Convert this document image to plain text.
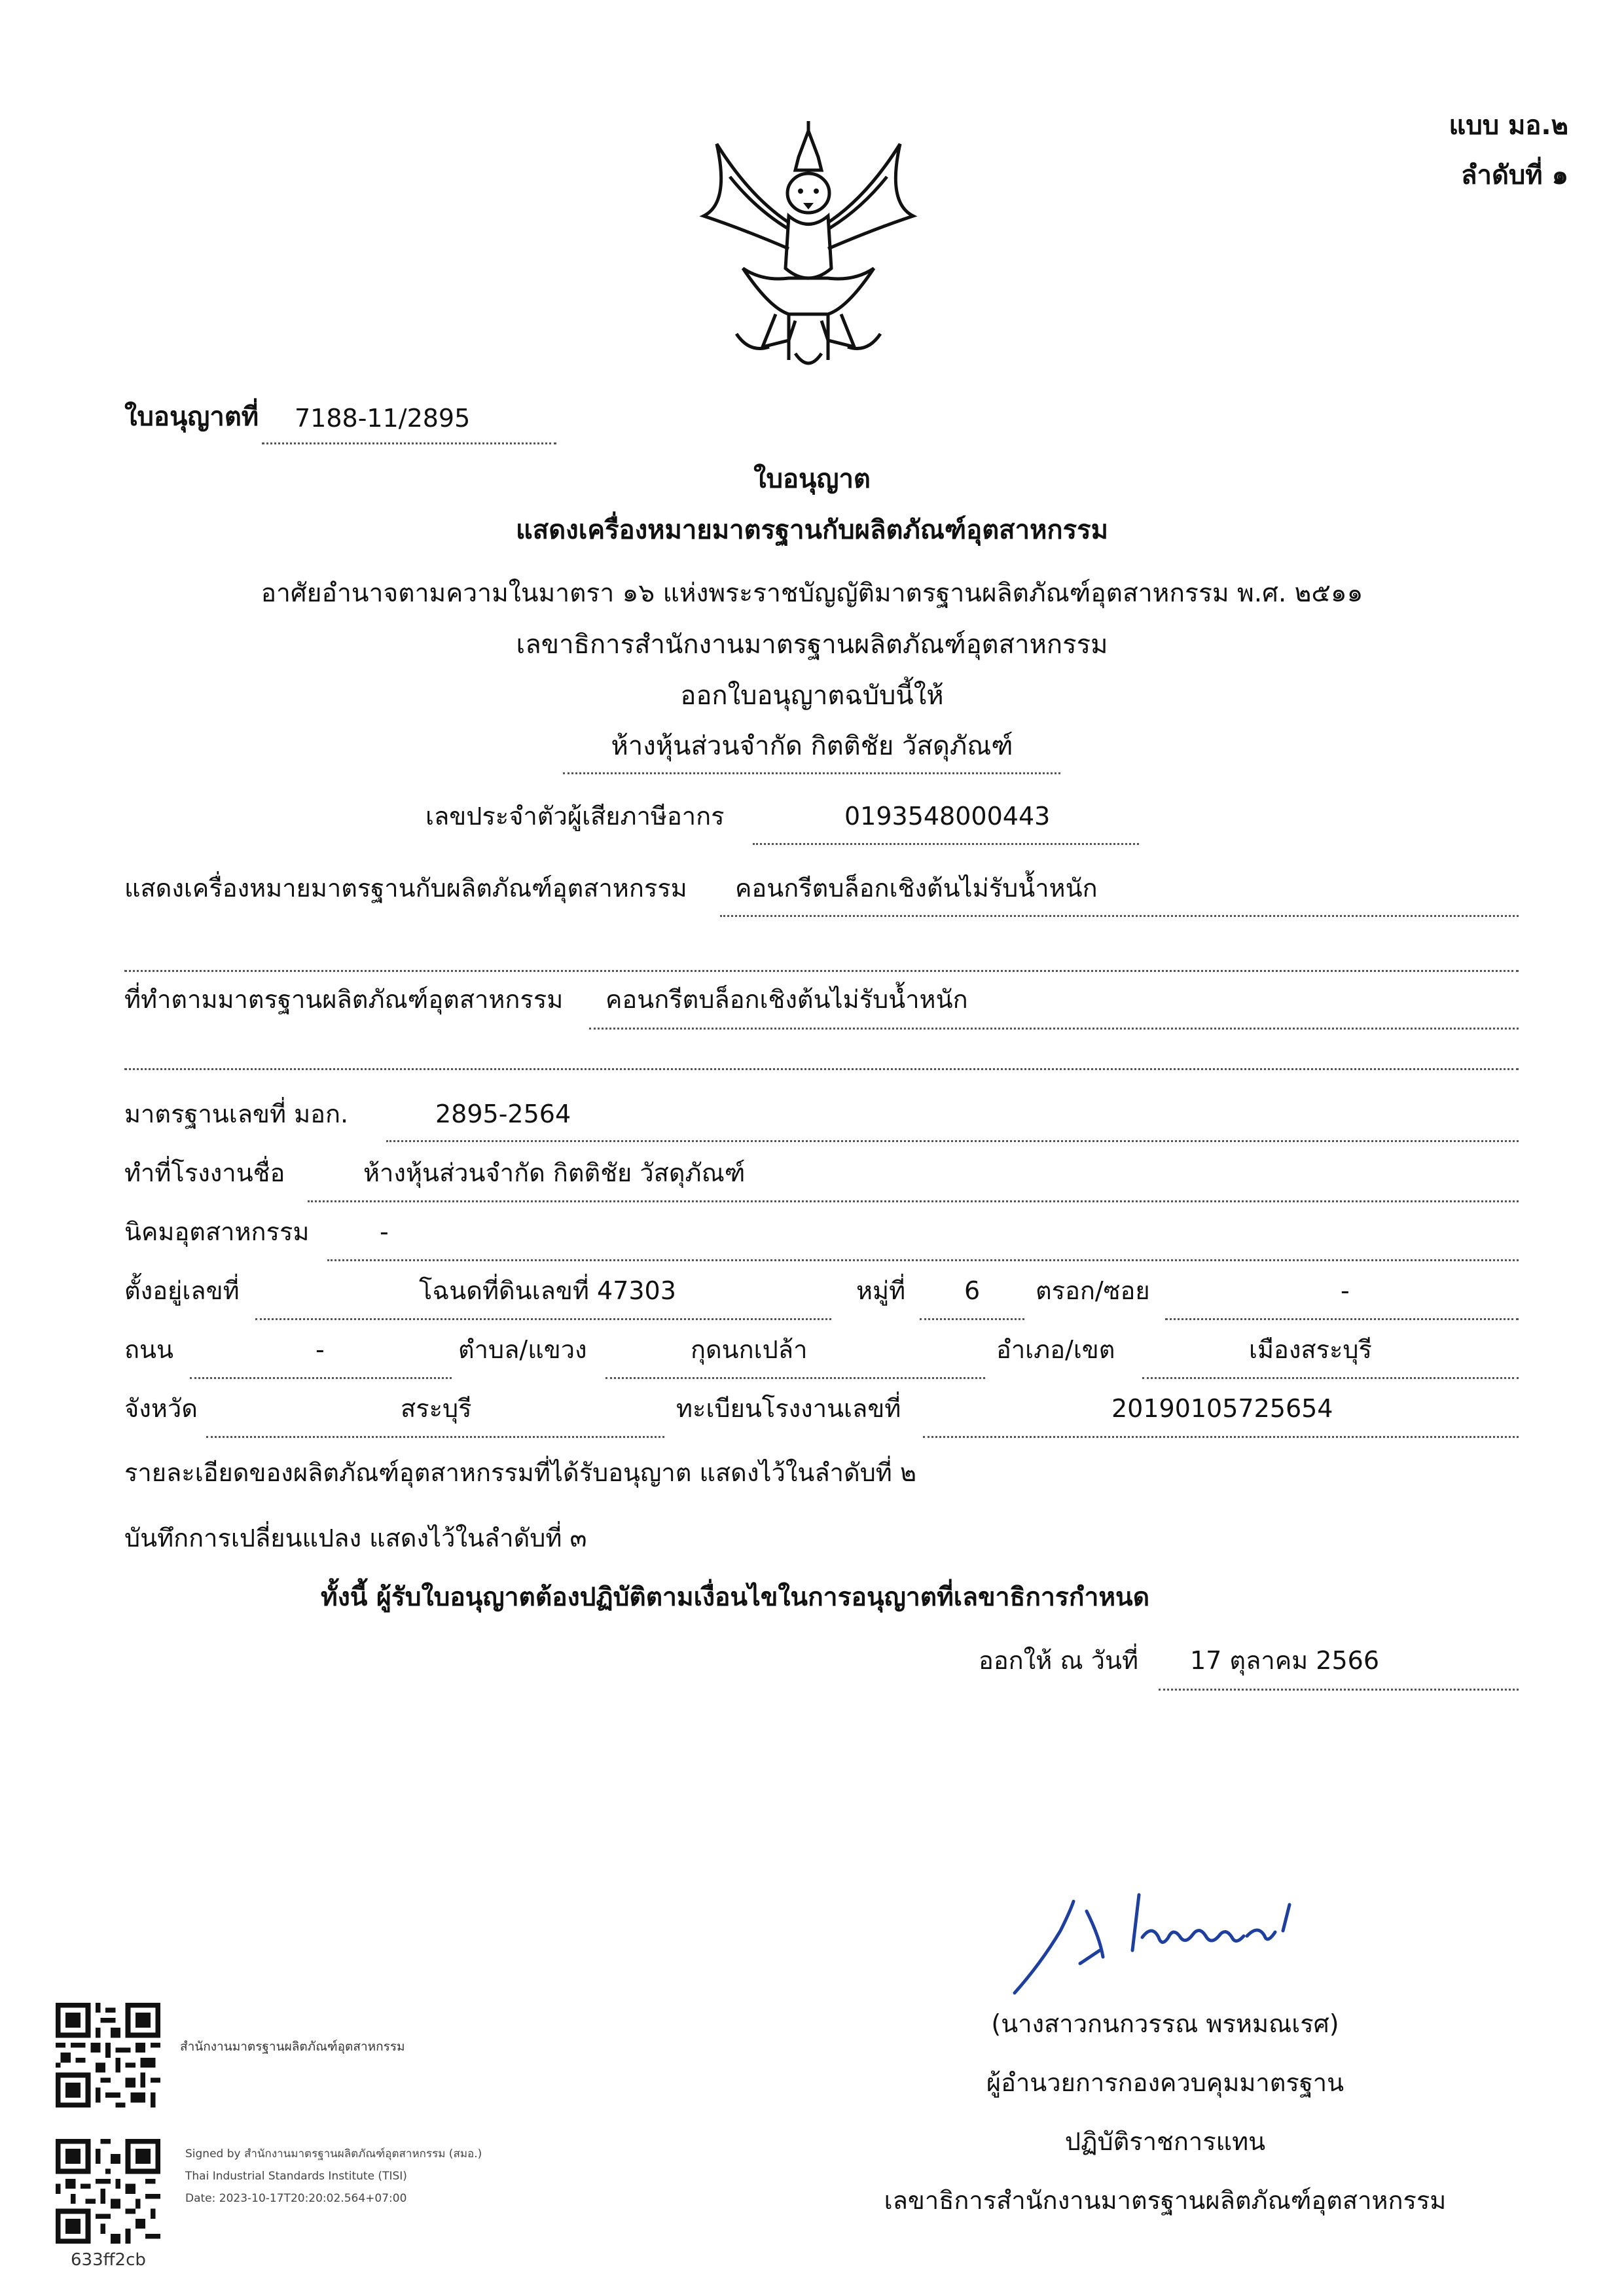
แบบ มอ.๒
ลำดับที่ ๑
ใบอนุญาตที่ 7188-11/2895
ใบอนุญาต
แสดงเครื่องหมายมาตรฐานกับผลิตภัณฑ์อุตสาหกรรม
อาศัยอำนาจตามความในมาตรา ๑๖ แห่งพระราชบัญญัติมาตรฐานผลิตภัณฑ์อุตสาหกรรม พ.ศ. ๒๕๑๑
เลขาธิการสำนักงานมาตรฐานผลิตภัณฑ์อุตสาหกรรม
ออกใบอนุญาตฉบับนี้ให้
ห้างหุ้นส่วนจำกัด กิตติชัย วัสดุภัณฑ์
เลขประจำตัวผู้เสียภาษีอากร	0193548000443
แสดงเครื่องหมายมาตรฐานกับผลิตภัณฑ์อุตสาหกรรม คอนกรีตบล็อกเชิงต้นไม่รับน้ำหนัก
ที่ทำตามมาตรฐานผลิตภัณฑ์อุตสาหกรรม คอนกรีตบล็อกเชิงต้นไม่รับน้ำหนัก
มาตรฐานเลขที่ มอก.	2895-2564
ทำที่โรงงานชื่อ	ห้างหุ้นส่วนจำกัด กิตติชัย วัสดุภัณฑ์
นิคมอุตสาหกรรม	-
ตั้งอยู่เลขที่	โฉนดที่ดินเลขที่ 47303	หมู่ที่ 6 ตรอก/ซอย	-
ถนน	-	ตำบล/แขวง	กุดนกเปล้า	อำเภอ/เขต	เมืองสระบุรี
จังหวัด	สระบุรี	ทะเบียนโรงงานเลขที่	20190105725654
รายละเอียดของผลิตภัณฑ์อุตสาหกรรมที่ได้รับอนุญาต แสดงไว้ในลำดับที่ ๒
บันทึกการเปลี่ยนแปลง แสดงไว้ในลำดับที่ ๓
ทั้งนี้ ผู้รับใบอนุญาตต้องปฏิบัติตามเงื่อนไขในการอนุญาตที่เลขาธิการกำหนด
ออกให้ ณ วันที่ 17 ตุลาคม 2566
(นางสาวกนกวรรณ พรหมณเรศ)
ผู้อำนวยการกองควบคุมมาตรฐาน
ปฏิบัติราชการแทน
เลขาธิการสำนักงานมาตรฐานผลิตภัณฑ์อุตสาหกรรม
สำนักงานมาตรฐานผลิตภัณฑ์อุตสาหกรรม
Signed by สำนักงานมาตรฐานผลิตภัณฑ์อุตสาหกรรม (สมอ.)
Thai Industrial Standards Institute (TISI)
Date: 2023-10-17T20:20:02.564+07:00
633ff2cb
